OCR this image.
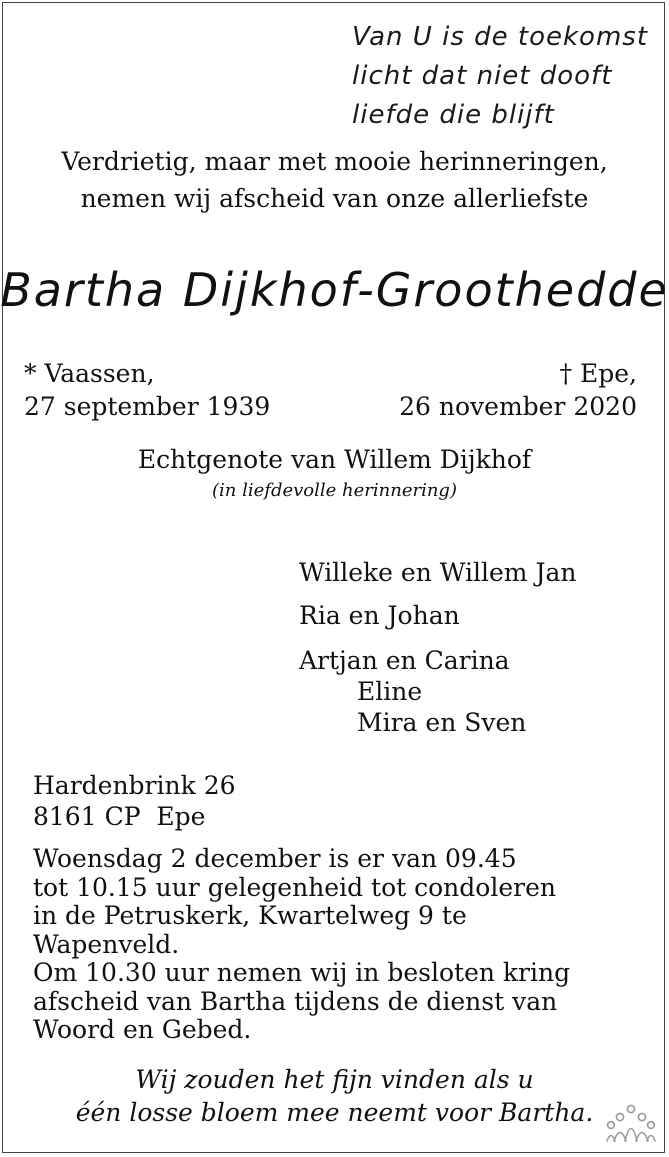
Van U is de toekomst
licht dat niet dooft
liefde die blijft
Verdrietig, maar met mooie herinneringen,
nemen wij afscheid van onze allerliefste
Bartha Dijkhof-Groothedde
* Vaassen,
27 september 1939
† Epe,
26 november 2020
Echtgenote van Willem Dijkhof
(in liefdevolle herinnering)
Willeke en Willem Jan
Ria en Johan
Artjan en Carina
Eline
Mira en Sven
Hardenbrink 26
8161 CP  Epe
Woensdag 2 december is er van 09.45
tot 10.15 uur gelegenheid tot condoleren
in de Petruskerk, Kwartelweg 9 te
Wapenveld.
Om 10.30 uur nemen wij in besloten kring
afscheid van Bartha tijdens de dienst van
Woord en Gebed.
Wij zouden het fijn vinden als u
één losse bloem mee neemt voor Bartha.
